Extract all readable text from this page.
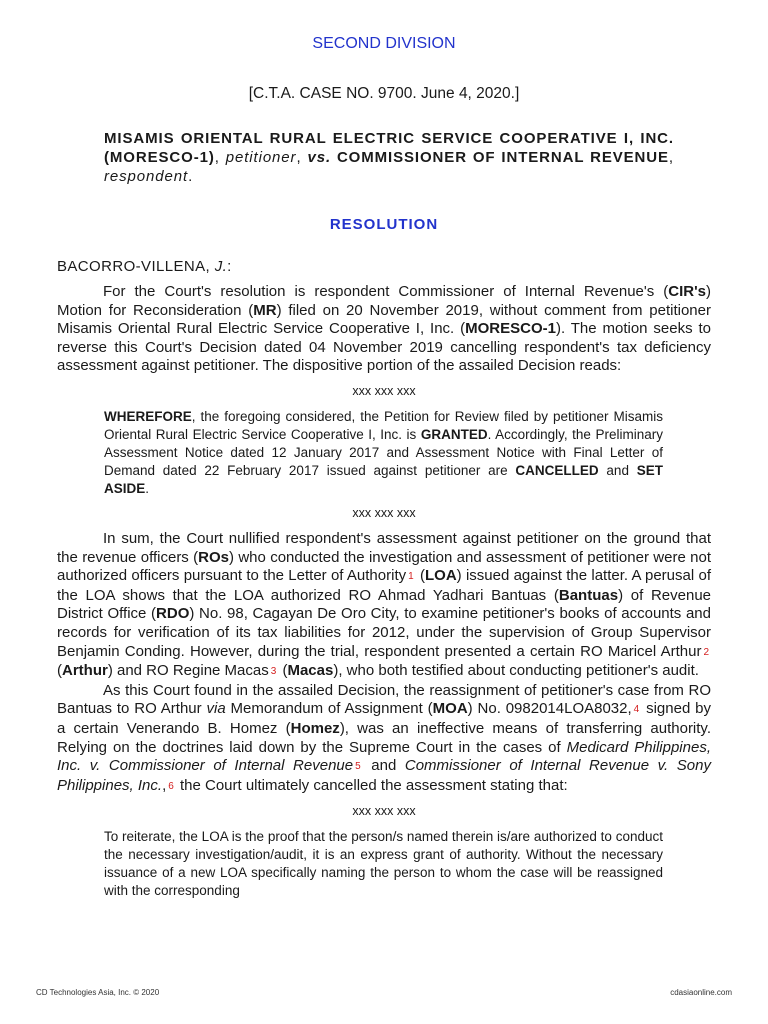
SECOND DIVISION
[C.T.A. CASE NO. 9700. June 4, 2020.]
MISAMIS ORIENTAL RURAL ELECTRIC SERVICE COOPERATIVE I, INC. (MORESCO-1), petitioner, vs. COMMISSIONER OF INTERNAL REVENUE, respondent.
RESOLUTION
BACORRO-VILLENA, J.:

For the Court's resolution is respondent Commissioner of Internal Revenue's (CIR's) Motion for Reconsideration (MR) filed on 20 November 2019, without comment from petitioner Misamis Oriental Rural Electric Service Cooperative I, Inc. (MORESCO-1). The motion seeks to reverse this Court's Decision dated 04 November 2019 cancelling respondent's tax deficiency assessment against petitioner. The dispositive portion of the assailed Decision reads:

xxx xxx xxx
WHEREFORE, the foregoing considered, the Petition for Review filed by petitioner Misamis Oriental Rural Electric Service Cooperative I, Inc. is GRANTED. Accordingly, the Preliminary Assessment Notice dated 12 January 2017 and Assessment Notice with Final Letter of Demand dated 22 February 2017 issued against petitioner are CANCELLED and SET ASIDE.
xxx xxx xxx

In sum, the Court nullified respondent's assessment against petitioner on the ground that the revenue officers (ROs) who conducted the investigation and assessment of petitioner were not authorized officers pursuant to the Letter of Authority 1 (LOA) issued against the latter. A perusal of the LOA shows that the LOA authorized RO Ahmad Yadhari Bantuas (Bantuas) of Revenue District Office (RDO) No. 98, Cagayan De Oro City, to examine petitioner's books of accounts and records for verification of its tax liabilities for 2012, under the supervision of Group Supervisor Benjamin Conding. However, during the trial, respondent presented a certain RO Maricel Arthur 2 (Arthur) and RO Regine Macas 3 (Macas), who both testified about conducting petitioner's audit.

As this Court found in the assailed Decision, the reassignment of petitioner's case from RO Bantuas to RO Arthur via Memorandum of Assignment (MOA) No. 0982014LOA8032, 4 signed by a certain Venerando B. Homez (Homez), was an ineffective means of transferring authority. Relying on the doctrines laid down by the Supreme Court in the cases of Medicard Philippines, Inc. v. Commissioner of Internal Revenue 5 and Commissioner of Internal Revenue v. Sony Philippines, Inc., 6 the Court ultimately cancelled the assessment stating that:

xxx xxx xxx
To reiterate, the LOA is the proof that the person/s named therein is/are authorized to conduct the necessary investigation/audit, it is an express grant of authority. Without the necessary issuance of a new LOA specifically naming the person to whom the case will be reassigned with the corresponding
CD Technologies Asia, Inc. © 2020	cdasiaonline.com
